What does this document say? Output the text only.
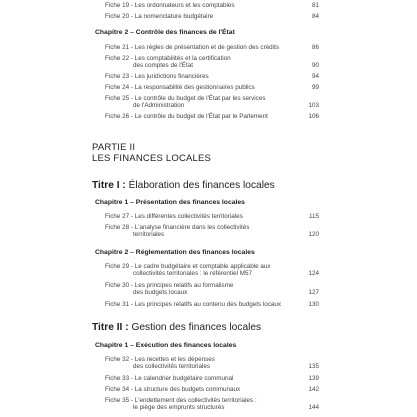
Fiche 19 - Les ordonnateurs et les comptables	81
Fiche 20 - La nomenclature budgétaire	84
Chapitre 2 – Contrôle des finances de l'État
Fiche 21 - Les règles de présentation et de gestion des crédits	86
Fiche 22 - Les comptabilités et la certification
des comptes de l'État	90
Fiche 23 - Les juridictions financières	94
Fiche 24 - La responsabilité des gestionnaires publics	99
Fiche 25 - Le contrôle du budget de l'État par les services
de l'Administration	103
Fiche 26 - Le contrôle du budget de l'État par le Parlement	106
PARTIE II
LES FINANCES LOCALES
Titre I : Élaboration des finances locales
Chapitre 1 – Présentation des finances locales
Fiche 27 - Les différentes collectivités territoriales	115
Fiche 28 - L'analyse financière dans les collectivités
territoriales	120
Chapitre 2 – Réglementation des finances locales
Fiche 29 - Le cadre budgétaire et comptable applicable aux
collectivités territoriales : le référentiel M57	124
Fiche 30 - Les principes relatifs au formalisme
des budgets locaux	127
Fiche 31 - Les principes relatifs au contenu des budgets locaux	130
Titre II : Gestion des finances locales
Chapitre 1 – Exécution des finances locales
Fiche 32 - Les recettes et les dépenses
des collectivités territoriales	135
Fiche 33 - Le calendrier budgétaire communal	139
Fiche 34 - La structure des budgets communaux	142
Fiche 35 - L'endettement des collectivités territoriales :
le piège des emprunts structurés	144
